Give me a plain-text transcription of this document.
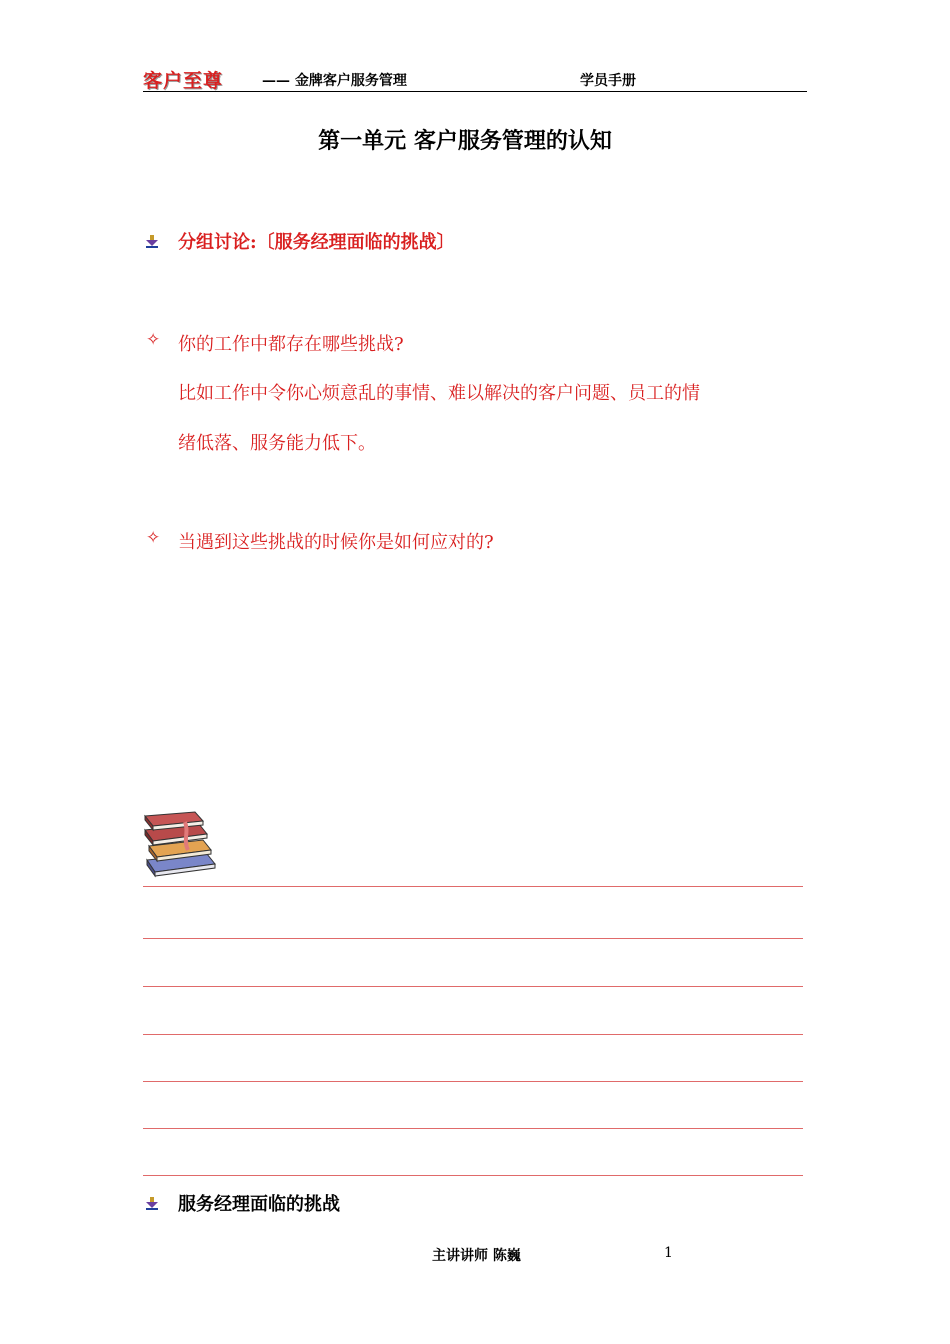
客户至尊	—— 金牌客户服务管理	学员手册
第一单元 客户服务管理的认知
分组讨论:〔服务经理面临的挑战〕
✧ 你的工作中都存在哪些挑战?
比如工作中令你心烦意乱的事情、难以解决的客户问题、员工的情
绪低落、服务能力低下。
✧ 当遇到这些挑战的时候你是如何应对的?
服务经理面临的挑战
主讲讲师 陈巍	1
